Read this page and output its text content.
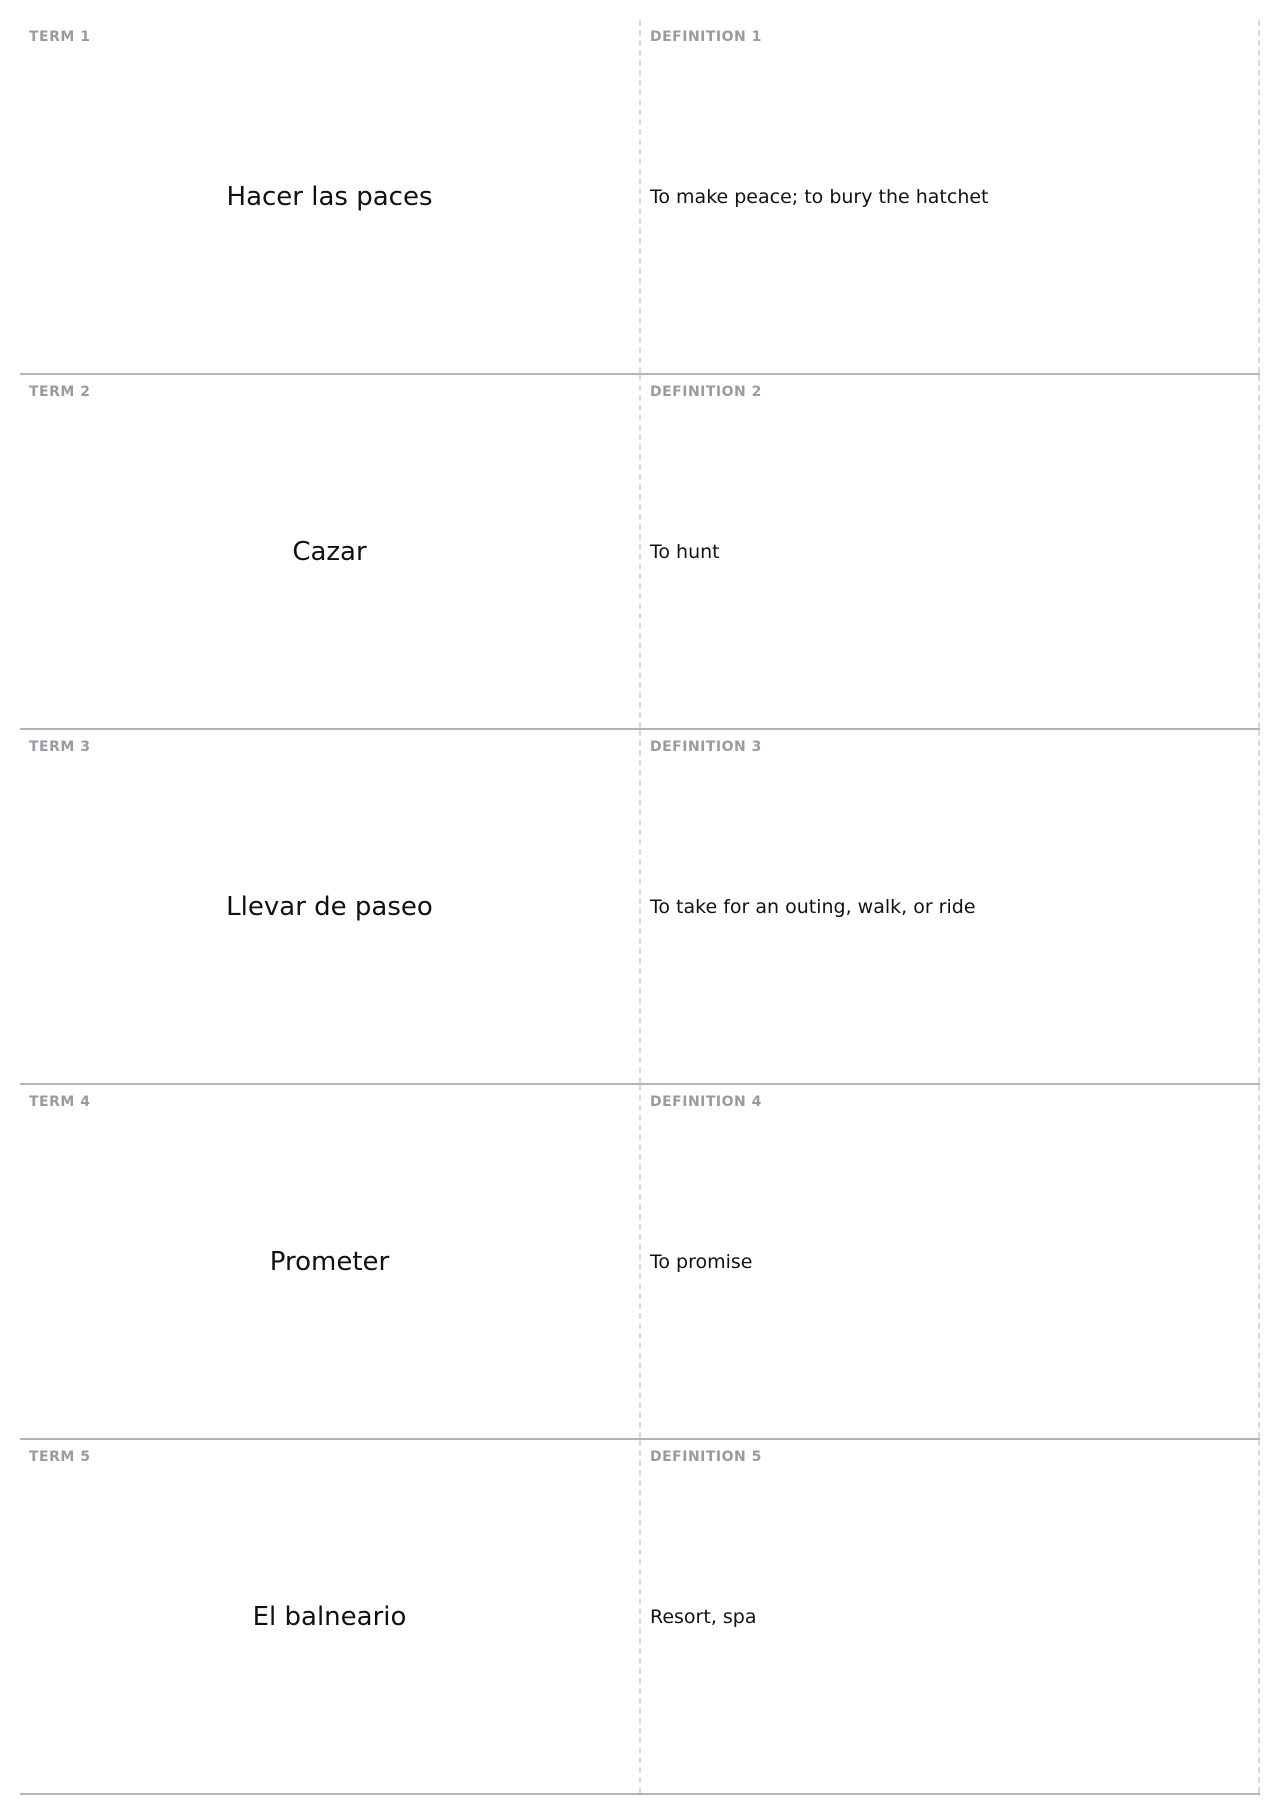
TERM 1
Hacer las paces
DEFINITION 1
To make peace; to bury the hatchet
TERM 2
Cazar
DEFINITION 2
To hunt
TERM 3
Llevar de paseo
DEFINITION 3
To take for an outing, walk, or ride
TERM 4
Prometer
DEFINITION 4
To promise
TERM 5
El balneario
DEFINITION 5
Resort, spa
